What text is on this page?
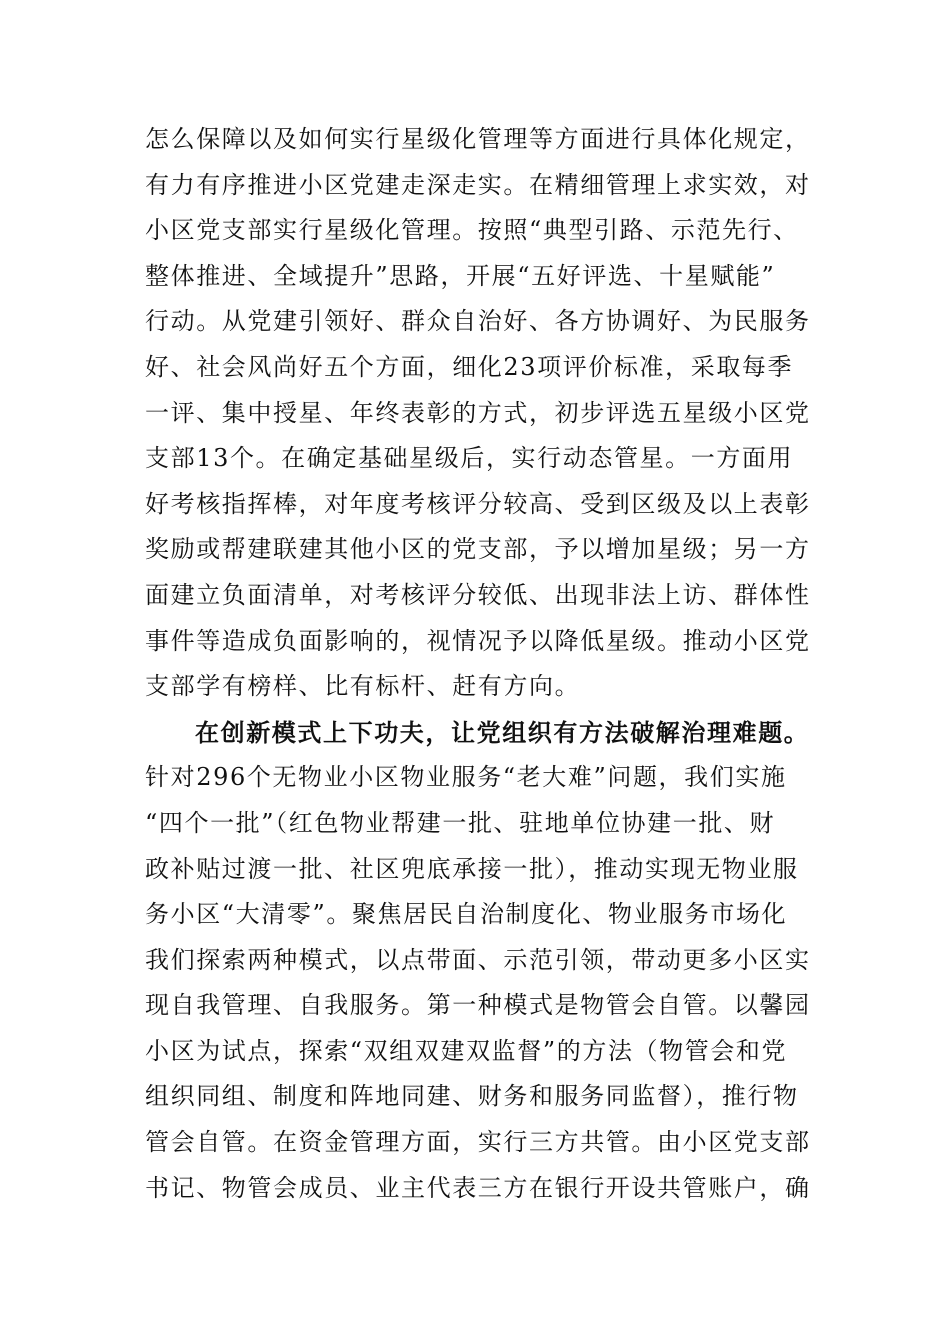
怎么保障以及如何实行星级化管理等方面进行具体化规定，
有力有序推进小区党建走深走实。在精细管理上求实效，对
小区党支部实行星级化管理。按照“典型引路、示范先行、
整体推进、全域提升”思路，开展“五好评选、十星赋能”
行动。从党建引领好、群众自治好、各方协调好、为民服务
好、社会风尚好五个方面，细化23项评价标准，采取每季
一评、集中授星、年终表彰的方式，初步评选五星级小区党
支部13个。在确定基础星级后，实行动态管星。一方面用
好考核指挥棒，对年度考核评分较高、受到区级及以上表彰
奖励或帮建联建其他小区的党支部，予以增加星级；另一方
面建立负面清单，对考核评分较低、出现非法上访、群体性
事件等造成负面影响的，视情况予以降低星级。推动小区党
支部学有榜样、比有标杆、赶有方向。
在创新模式上下功夫，让党组织有方法破解治理难题。
针对296个无物业小区物业服务“老大难”问题，我们实施
“四个一批”（红色物业帮建一批、驻地单位协建一批、财
政补贴过渡一批、社区兜底承接一批），推动实现无物业服
务小区“大清零”。聚焦居民自治制度化、物业服务市场化
我们探索两种模式，以点带面、示范引领，带动更多小区实
现自我管理、自我服务。第一种模式是物管会自管。以馨园
小区为试点，探索“双组双建双监督”的方法（物管会和党
组织同组、制度和阵地同建、财务和服务同监督），推行物
管会自管。在资金管理方面，实行三方共管。由小区党支部
书记、物管会成员、业主代表三方在银行开设共管账户，确
